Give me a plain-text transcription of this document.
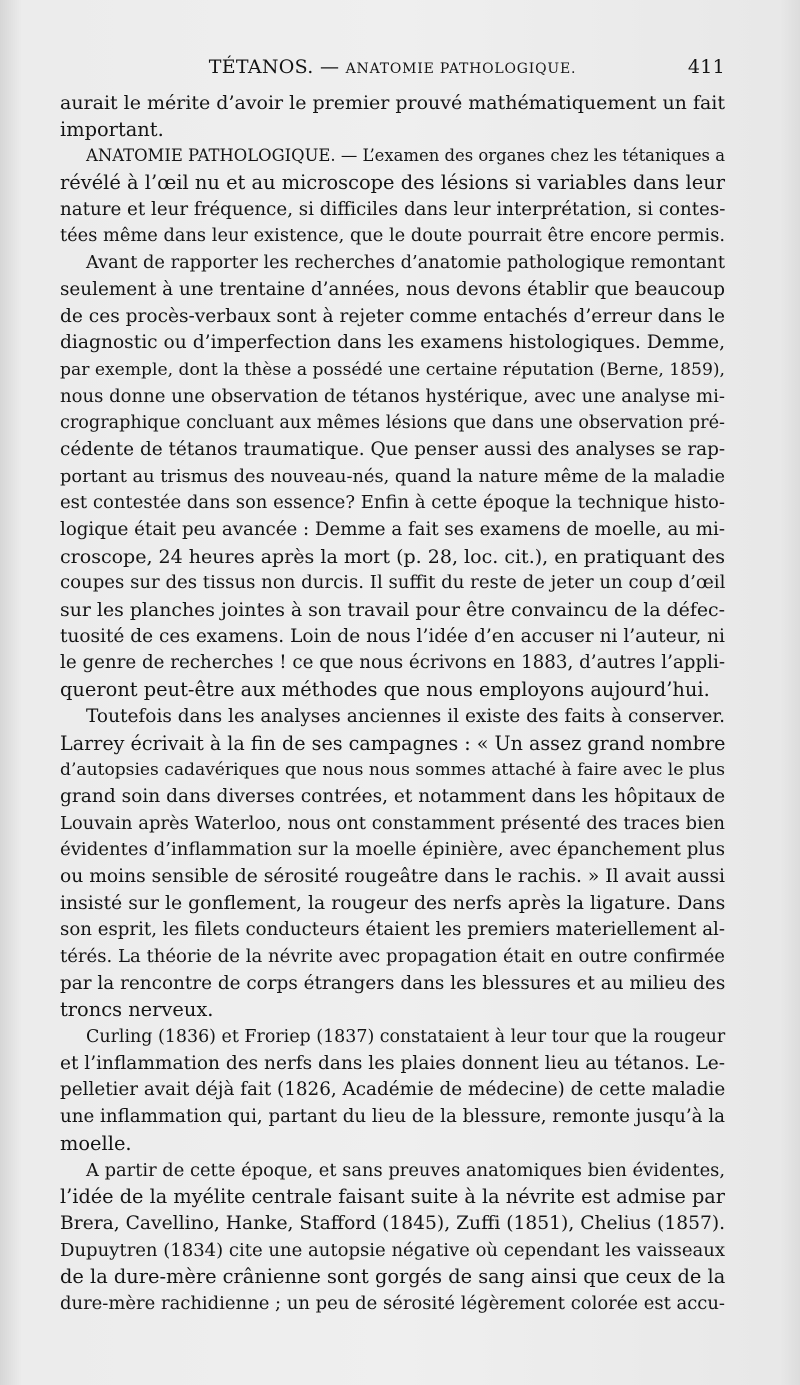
TÉTANOS. — ANATOMIE PATHOLOGIQUE.	411
aurait le mérite d’avoir le premier prouvé mathématiquement un fait
important.
ANATOMIE PATHOLOGIQUE. — L’examen des organes chez les tétaniques a
révélé à l’œil nu et au microscope des lésions si variables dans leur
nature et leur fréquence, si difficiles dans leur interprétation, si contes-
tées même dans leur existence, que le doute pourrait être encore permis.
Avant de rapporter les recherches d’anatomie pathologique remontant
seulement à une trentaine d’années, nous devons établir que beaucoup
de ces procès-verbaux sont à rejeter comme entachés d’erreur dans le
diagnostic ou d’imperfection dans les examens histologiques. Demme,
par exemple, dont la thèse a possédé une certaine réputation (Berne, 1859),
nous donne une observation de tétanos hystérique, avec une analyse mi-
crographique concluant aux mêmes lésions que dans une observation pré-
cédente de tétanos traumatique. Que penser aussi des analyses se rap-
portant au trismus des nouveau-nés, quand la nature même de la maladie
est contestée dans son essence? Enfin à cette époque la technique histo-
logique était peu avancée : Demme a fait ses examens de moelle, au mi-
croscope, 24 heures après la mort (p. 28, loc. cit.), en pratiquant des
coupes sur des tissus non durcis. Il suffit du reste de jeter un coup d’œil
sur les planches jointes à son travail pour être convaincu de la défec-
tuosité de ces examens. Loin de nous l’idée d’en accuser ni l’auteur, ni
le genre de recherches ! ce que nous écrivons en 1883, d’autres l’appli-
queront peut-être aux méthodes que nous employons aujourd’hui.
Toutefois dans les analyses anciennes il existe des faits à conserver.
Larrey écrivait à la fin de ses campagnes : « Un assez grand nombre
d’autopsies cadavériques que nous nous sommes attaché à faire avec le plus
grand soin dans diverses contrées, et notamment dans les hôpitaux de
Louvain après Waterloo, nous ont constamment présenté des traces bien
évidentes d’inflammation sur la moelle épinière, avec épanchement plus
ou moins sensible de sérosité rougeâtre dans le rachis. » Il avait aussi
insisté sur le gonflement, la rougeur des nerfs après la ligature. Dans
son esprit, les filets conducteurs étaient les premiers materiellement al-
térés. La théorie de la névrite avec propagation était en outre confirmée
par la rencontre de corps étrangers dans les blessures et au milieu des
troncs nerveux.
Curling (1836) et Froriep (1837) constataient à leur tour que la rougeur
et l’inflammation des nerfs dans les plaies donnent lieu au tétanos. Le-
pelletier avait déjà fait (1826, Académie de médecine) de cette maladie
une inflammation qui, partant du lieu de la blessure, remonte jusqu’à la
moelle.
A partir de cette époque, et sans preuves anatomiques bien évidentes,
l’idée de la myélite centrale faisant suite à la névrite est admise par
Brera, Cavellino, Hanke, Stafford (1845), Zuffi (1851), Chelius (1857).
Dupuytren (1834) cite une autopsie négative où cependant les vaisseaux
de la dure-mère crânienne sont gorgés de sang ainsi que ceux de la
dure-mère rachidienne ; un peu de sérosité légèrement colorée est accu-
